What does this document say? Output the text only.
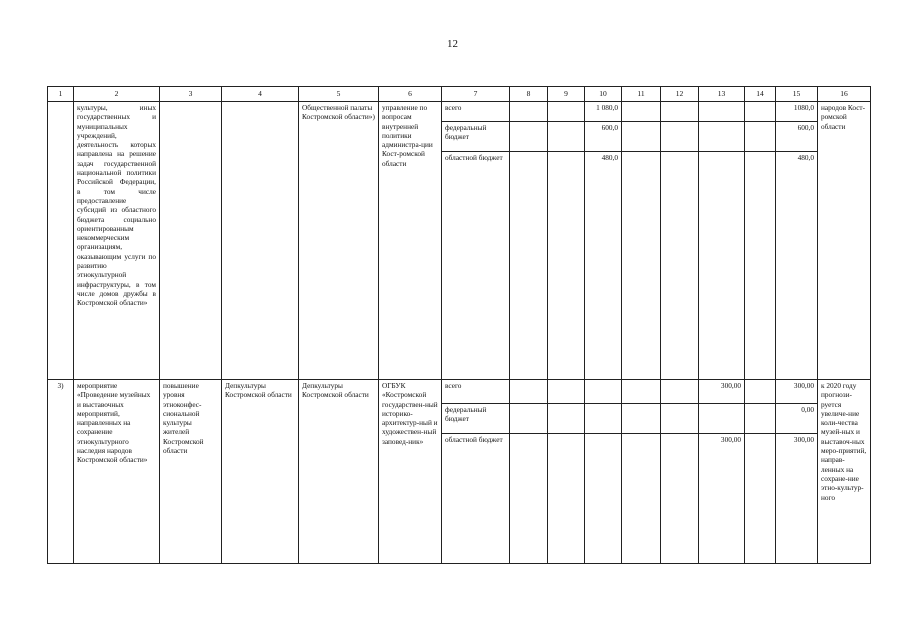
12
1	2	3	4	5	6	7	8	9	10	11	12	13	14	15	16
	культуры, иных государственных и муниципальных учреждений, деятельность которых направлена на решение задач государственной национальной политики Российской Федерации, в том числе предоставление субсидий из областного бюджета социально ориентированным некоммерческим организациям, оказывающим услуги по развитию этнокультурной инфраструктуры, в том числе домов дружбы в Костромской области»			Общественной палаты Костромской области»)	управление по вопросам внутренней политики администра-ции Кост-ромской области	всего			1 080,0					1080,0	народов Кост-ромской области
						федеральный бюджет			600,0					600,0	
						областной бюджет			480,0					480,0	
3)	мероприятие «Проведение музейных и выставочных мероприятий, направленных на сохранение этнокультурного наследия народов Костромской области»	повышение уровня этноконфес-сиональной культуры жителей Костромской области	Депкультуры Костромской области	Депкультуры Костромской области	ОГБУК «Костромской государствен-ный историко-архитектур-ный и художествен-ный заповед-ник»	всего						300,00		300,00	к 2020 году прогнози-руется увеличе-ние коли-чества музей-ных и выставоч-ных меро-приятий, направ-ленных на сохране-ние этно-культур-ного
						федеральный бюджет								0,00	
						областной бюджет						300,00		300,00	
